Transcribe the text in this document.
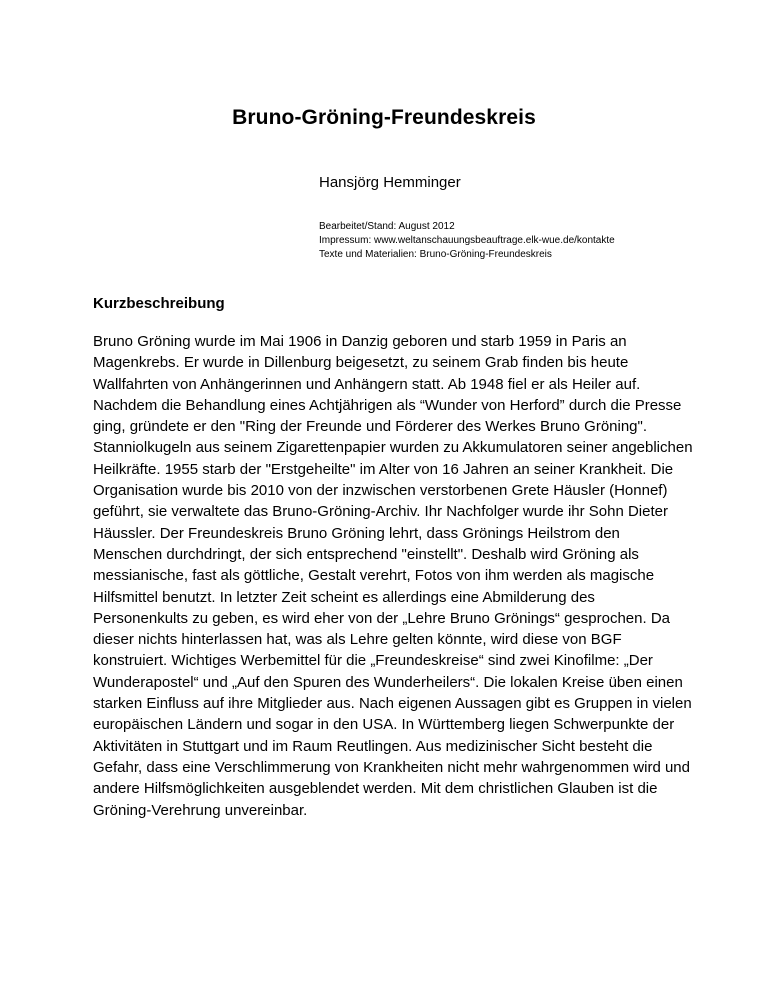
Bruno-Gröning-Freundeskreis
Hansjörg Hemminger
Bearbeitet/Stand: August 2012
Impressum: www.weltanschauungsbeauftrage.elk-wue.de/kontakte
Texte und Materialien: Bruno-Gröning-Freundeskreis
Kurzbeschreibung

Bruno Gröning wurde im Mai 1906 in Danzig geboren und starb 1959 in Paris an Magenkrebs. Er wurde in Dillenburg beigesetzt, zu seinem Grab finden bis heute Wallfahrten von Anhängerinnen und Anhängern statt. Ab 1948 fiel er als Heiler auf. Nachdem die Behandlung eines Achtjährigen als “Wunder von Herford” durch die Presse ging, gründete er den "Ring der Freunde und Förderer des Werkes Bruno Gröning". Stanniolkugeln aus seinem Zigarettenpapier wurden zu Akkumulatoren seiner angeblichen Heilkräfte. 1955 starb der "Erstgeheilte" im Alter von 16 Jahren an seiner Krankheit. Die Organisation wurde bis 2010 von der inzwischen verstorbenen Grete Häusler (Honnef) geführt, sie verwaltete das Bruno-Gröning-Archiv. Ihr Nachfolger wurde ihr Sohn Dieter Häussler. Der Freundeskreis Bruno Gröning lehrt, dass Grönings Heilstrom den Menschen durchdringt, der sich entsprechend "einstellt". Deshalb wird Gröning als messianische, fast als göttliche, Gestalt verehrt, Fotos von ihm werden als magische Hilfsmittel benutzt. In letzter Zeit scheint es allerdings eine Abmilderung des Personenkults zu geben, es wird eher von der „Lehre Bruno Grönings“ gesprochen. Da dieser nichts hinterlassen hat, was als Lehre gelten könnte, wird diese von BGF konstruiert. Wichtiges Werbemittel für die „Freundeskreise“ sind zwei Kinofilme: „Der Wunderapostel“ und „Auf den Spuren des Wunderheilers“. Die lokalen Kreise üben einen starken Einfluss auf ihre Mitglieder aus. Nach eigenen Aussagen gibt es Gruppen in vielen europäischen Ländern und sogar in den USA. In Württemberg liegen Schwerpunkte der Aktivitäten in Stuttgart und im Raum Reutlingen. Aus medizinischer Sicht besteht die Gefahr, dass eine Verschlimmerung von Krankheiten nicht mehr wahrgenommen wird und andere Hilfsmöglichkeiten ausgeblendet werden. Mit dem christlichen Glauben ist die Gröning-Verehrung unvereinbar.
